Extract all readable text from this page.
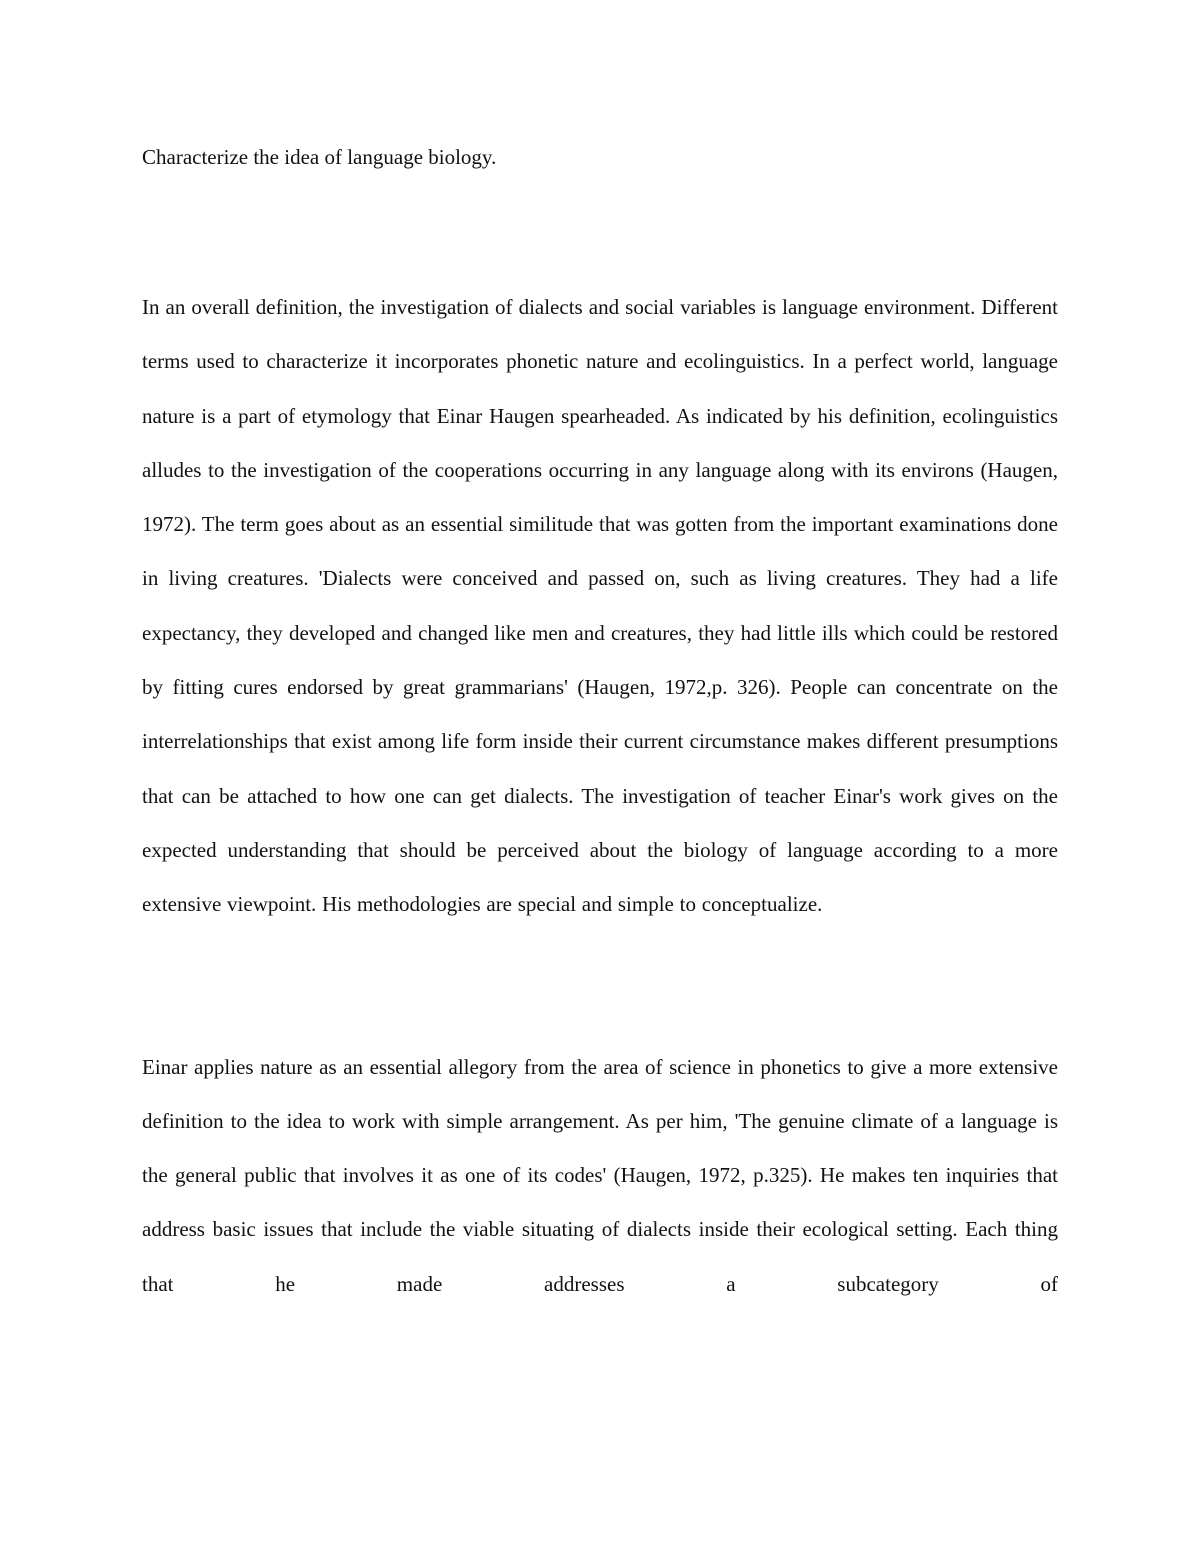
Characterize the idea of language biology.

In an overall definition, the investigation of dialects and social variables is language environment. Different terms used to characterize it incorporates phonetic nature and ecolinguistics. In a perfect world, language nature is a part of etymology that Einar Haugen spearheaded. As indicated by his definition, ecolinguistics alludes to the investigation of the cooperations occurring in any language along with its environs (Haugen, 1972). The term goes about as an essential similitude that was gotten from the important examinations done in living creatures. 'Dialects were conceived and passed on, such as living creatures. They had a life expectancy, they developed and changed like men and creatures, they had little ills which could be restored by fitting cures endorsed by great grammarians' (Haugen, 1972,p. 326). People can concentrate on the interrelationships that exist among life form inside their current circumstance makes different presumptions that can be attached to how one can get dialects. The investigation of teacher Einar's work gives on the expected understanding that should be perceived about the biology of language according to a more extensive viewpoint. His methodologies are special and simple to conceptualize.

Einar applies nature as an essential allegory from the area of science in phonetics to give a more extensive definition to the idea to work with simple arrangement. As per him, 'The genuine climate of a language is the general public that involves it as one of its codes' (Haugen, 1972, p.325). He makes ten inquiries that address basic issues that include the viable situating of dialects inside their ecological setting. Each thing that he made addresses a subcategory of
